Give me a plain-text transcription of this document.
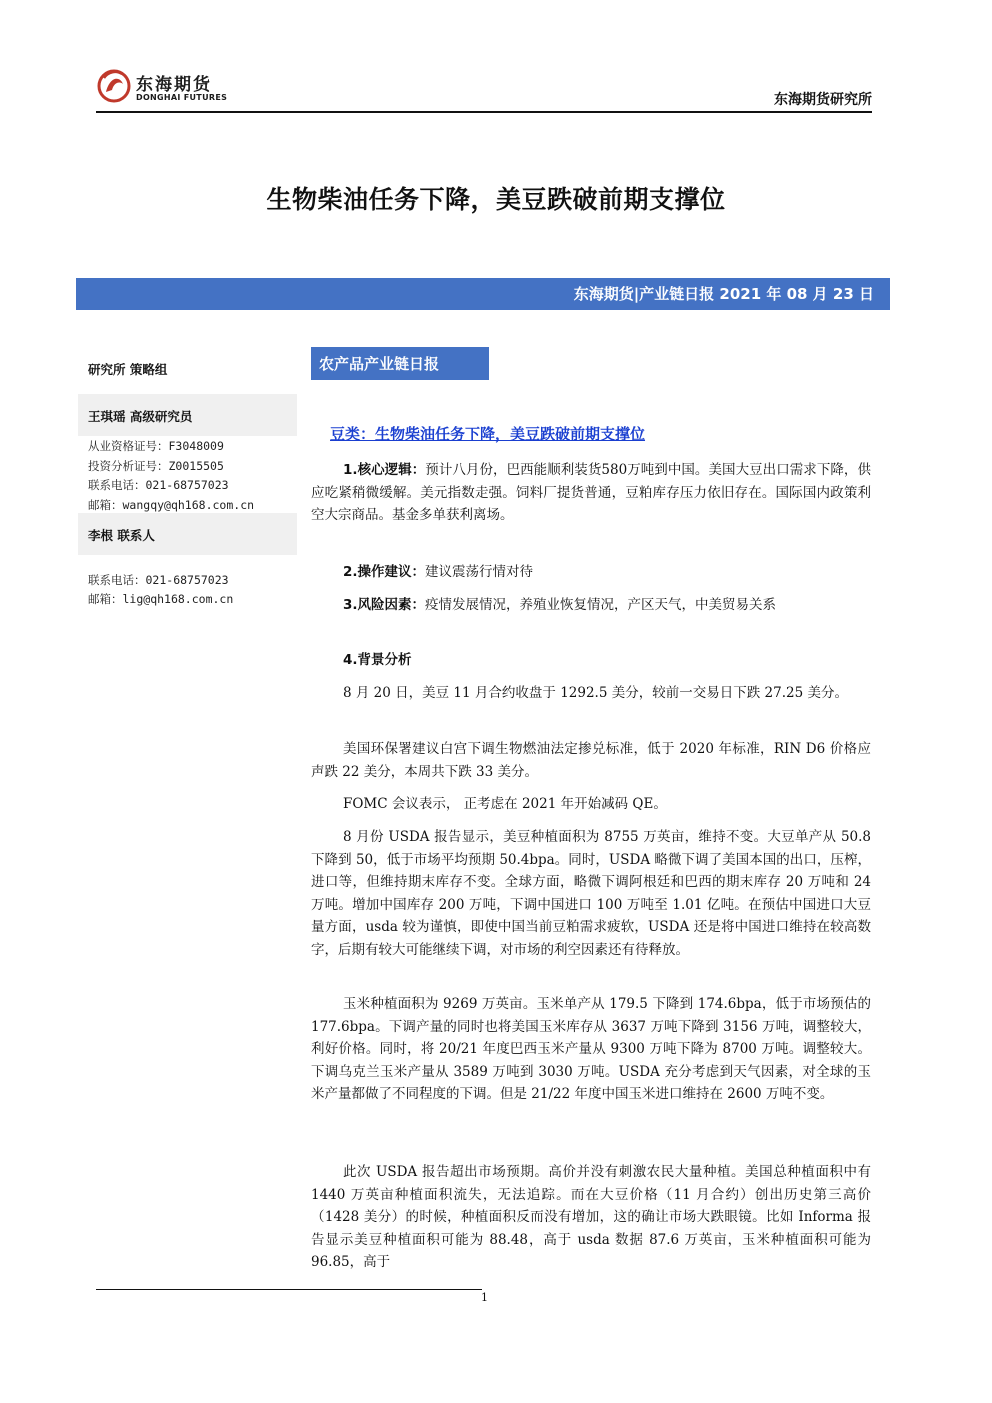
东海期货
DONGHAI FUTURES	东海期货研究所
生物柴油任务下降，美豆跌破前期支撑位
东海期货|产业链日报 2021 年 08 月 23 日
研究所 策略组
王琪瑶 高级研究员
从业资格证号：F3048009
投资分析证号：Z0015505
联系电话：021-68757023
邮箱：wangqy@qh168.com.cn
李根 联系人
联系电话：021-68757023
邮箱：lig@qh168.com.cn
农产品产业链日报
豆类：生物柴油任务下降，美豆跌破前期支撑位
1.核心逻辑：预计八月份，巴西能顺利装货580万吨到中国。美国大豆出口需求下降，供应吃紧稍微缓解。美元指数走强。饲料厂提货普通，豆粕库存压力依旧存在。国际国内政策利空大宗商品。基金多单获利离场。
2.操作建议：建议震荡行情对待
3.风险因素：疫情发展情况，养殖业恢复情况，产区天气，中美贸易关系
4.背景分析
8 月 20 日，美豆 11 月合约收盘于 1292.5 美分，较前一交易日下跌 27.25 美分。
美国环保署建议白宫下调生物燃油法定掺兑标准，低于 2020 年标准，RIN D6 价格应声跌 22 美分，本周共下跌 33 美分。
FOMC 会议表示， 正考虑在 2021 年开始减码 QE。
8 月份 USDA 报告显示，美豆种植面积为 8755 万英亩，维持不变。大豆单产从 50.8 下降到 50，低于市场平均预期 50.4bpa。同时，USDA 略微下调了美国本国的出口，压榨，进口等，但维持期末库存不变。全球方面，略微下调阿根廷和巴西的期末库存 20 万吨和 24 万吨。增加中国库存 200 万吨，下调中国进口 100 万吨至 1.01 亿吨。在预估中国进口大豆量方面，usda 较为谨慎，即使中国当前豆粕需求疲软，USDA 还是将中国进口维持在较高数字，后期有较大可能继续下调，对市场的利空因素还有待释放。
玉米种植面积为 9269 万英亩。玉米单产从 179.5 下降到 174.6bpa，低于市场预估的 177.6bpa。下调产量的同时也将美国玉米库存从 3637 万吨下降到 3156 万吨，调整较大，利好价格。同时，将 20/21 年度巴西玉米产量从 9300 万吨下降为 8700 万吨。调整较大。下调乌克兰玉米产量从 3589 万吨到 3030 万吨。USDA 充分考虑到天气因素，对全球的玉米产量都做了不同程度的下调。但是 21/22 年度中国玉米进口维持在 2600 万吨不变。
此次 USDA 报告超出市场预期。高价并没有刺激农民大量种植。美国总种植面积中有 1440 万英亩种植面积流失，无法追踪。而在大豆价格（11 月合约）创出历史第三高价（1428 美分）的时候，种植面积反而没有增加，这的确让市场大跌眼镜。比如 Informa 报告显示美豆种植面积可能为 88.48，高于 usda 数据 87.6 万英亩，玉米种植面积可能为 96.85，高于
1
